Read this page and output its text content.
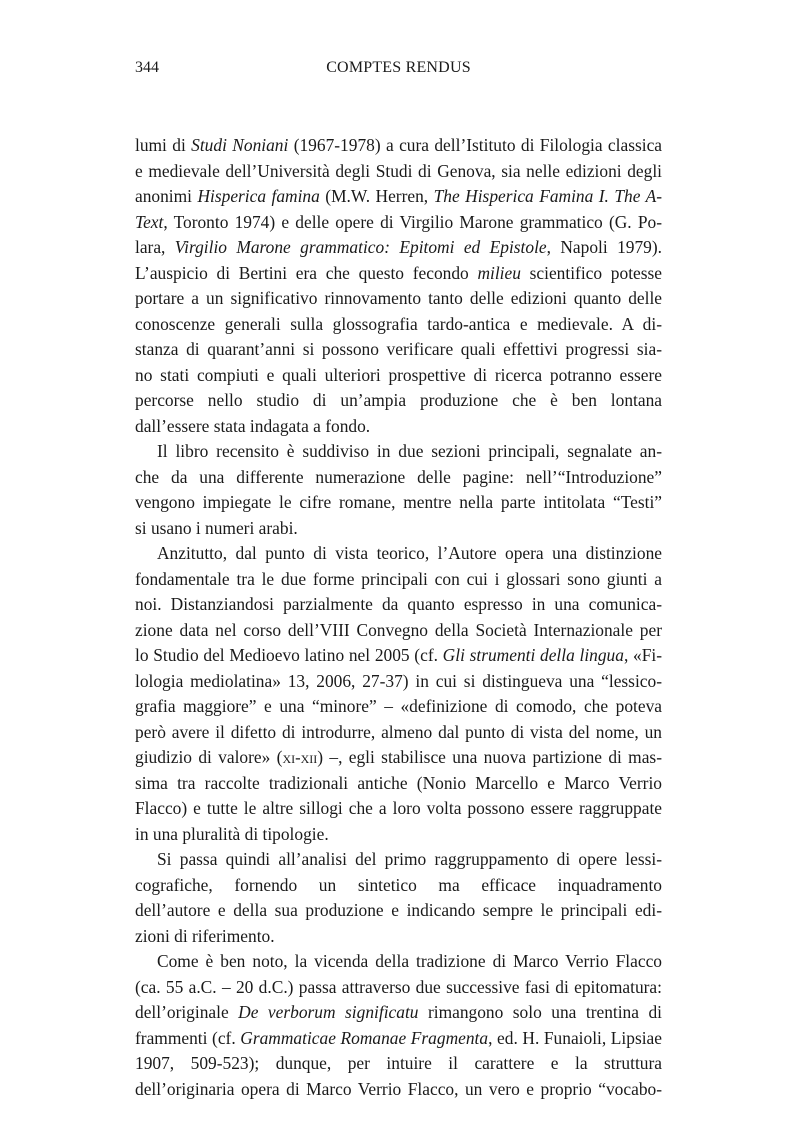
344	COMPTES RENDUS

lumi di Studi Noniani (1967-1978) a cura dell’Istituto di Filologia classica
e medievale dell’Università degli Studi di Genova, sia nelle edizioni degli
anonimi Hisperica famina (M.W. Herren, The Hisperica Famina I. The A-
Text, Toronto 1974) e delle opere di Virgilio Marone grammatico (G. Po-
lara, Virgilio Marone grammatico: Epitomi ed Epistole, Napoli 1979).
L’auspicio di Bertini era che questo fecondo milieu scientifico potesse
portare a un significativo rinnovamento tanto delle edizioni quanto delle
conoscenze generali sulla glossografia tardo-antica e medievale. A di-
stanza di quarant’anni si possono verificare quali effettivi progressi sia-
no stati compiuti e quali ulteriori prospettive di ricerca potranno essere
percorse nello studio di un’ampia produzione che è ben lontana
dall’essere stata indagata a fondo.

Il libro recensito è suddiviso in due sezioni principali, segnalate an-
che da una differente numerazione delle pagine: nell’“Introduzione”
vengono impiegate le cifre romane, mentre nella parte intitolata “Testi”
si usano i numeri arabi.

Anzitutto, dal punto di vista teorico, l’Autore opera una distinzione
fondamentale tra le due forme principali con cui i glossari sono giunti a
noi. Distanziandosi parzialmente da quanto espresso in una comunica-
zione data nel corso dell’VIII Convegno della Società Internazionale per
lo Studio del Medioevo latino nel 2005 (cf. Gli strumenti della lingua, «Fi-
lologia mediolatina» 13, 2006, 27-37) in cui si distingueva una “lessico-
grafia maggiore” e una “minore” – «definizione di comodo, che poteva
però avere il difetto di introdurre, almeno dal punto di vista del nome, un
giudizio di valore» (xi-xii) –, egli stabilisce una nuova partizione di mas-
sima tra raccolte tradizionali antiche (Nonio Marcello e Marco Verrio
Flacco) e tutte le altre sillogi che a loro volta possono essere raggruppate
in una pluralità di tipologie.

Si passa quindi all’analisi del primo raggruppamento di opere lessi-
cografiche, fornendo un sintetico ma efficace inquadramento
dell’autore e della sua produzione e indicando sempre le principali edi-
zioni di riferimento.

Come è ben noto, la vicenda della tradizione di Marco Verrio Flacco
(ca. 55 a.C. – 20 d.C.) passa attraverso due successive fasi di epitomatura:
dell’originale De verborum significatu rimangono solo una trentina di
frammenti (cf. Grammaticae Romanae Fragmenta, ed. H. Funaioli, Lipsiae
1907, 509-523); dunque, per intuire il carattere e la struttura
dell’originaria opera di Marco Verrio Flacco, un vero e proprio “vocabo-
